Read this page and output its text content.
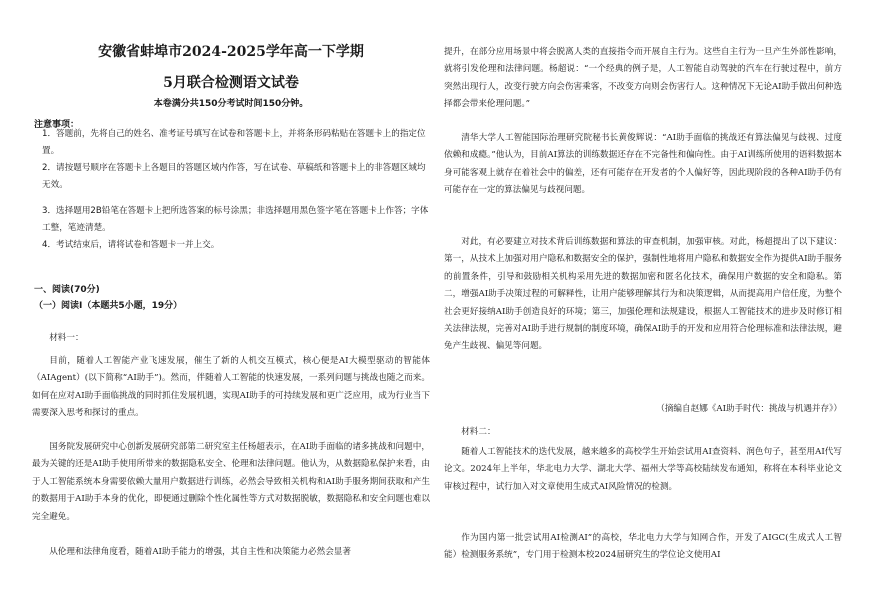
安徽省蚌埠市2024-2025学年高一下学期
5月联合检测语文试卷
本卷满分共150分考试时间150分钟。
注意事项：
1．答题前，先将自己的姓名、准考证号填写在试卷和答题卡上，并将条形码粘贴在答题卡上的指定位置。
2．请按题号顺序在答题卡上各题目的答题区域内作答，写在试卷、草稿纸和答题卡上的非答题区域均无效。
3．选择题用2B铅笔在答题卡上把所选答案的标号涂黑；非选择题用黑色签字笔在答题卡上作答；字体工整，笔迹清楚。
4．考试结束后，请将试卷和答题卡一并上交。
一、阅读(70分)
（一）阅读Ⅰ（本题共5小题，19分）
材料一：
目前，随着人工智能产业飞速发展，催生了新的人机交互模式，核心便是AI大模型驱动的智能体（AIAgent）(以下简称“AI助手”)。然而，伴随着人工智能的快速发展，一系列问题与挑战也随之而来。如何在应对AI助手面临挑战的同时抓住发展机遇，实现AI助手的可持续发展和更广泛应用，成为行业当下需要深入思考和探讨的重点。
国务院发展研究中心创新发展研究部第二研究室主任杨超表示，在AI助手面临的诸多挑战和问题中，最为关键的还是AI助手使用所带来的数据隐私安全、伦理和法律问题。他认为，从数据隐私保护来看，由于人工智能系统本身需要依赖大量用户数据进行训练，必然会导致相关机构和AI助手服务期间获取和产生的数据用于AI助手本身的优化，即便通过删除个性化属性等方式对数据脱敏，数据隐私和安全问题也难以完全避免。
从伦理和法律角度看，随着AI助手能力的增强，其自主性和决策能力必然会显著
提升，在部分应用场景中将会脱离人类的直接指令而开展自主行为。这些自主行为一旦产生外部性影响，就将引发伦理和法律问题。杨超说：“一个经典的例子是，人工智能自动驾驶的汽车在行驶过程中，前方突然出现行人，改变行驶方向会伤害乘客，不改变方向则会伤害行人。这种情况下无论AI助手做出何种选择都会带来伦理问题。”
清华大学人工智能国际治理研究院秘书长黄俊辉说：“AI助手面临的挑战还有算法偏见与歧视、过度依赖和成瘾。”他认为，目前AI算法的训练数据还存在不完备性和偏向性。由于AI训练所使用的语料数据本身可能客观上就存在着社会中的偏差，还有可能存在开发者的个人偏好等，因此现阶段的各种AI助手仍有可能存在一定的算法偏见与歧视问题。
对此，有必要建立对技术背后训练数据和算法的审查机制，加强审核。对此，杨超提出了以下建议：第一，从技术上加强对用户隐私和数据安全的保护，强制性地将用户隐私和数据安全作为提供AI助手服务的前置条件，引导和鼓励相关机构采用先进的数据加密和匿名化技术，确保用户数据的安全和隐私。第二，增强AI助手决策过程的可解释性，让用户能够理解其行为和决策逻辑，从而提高用户信任度，为整个社会更好接纳AI助手创造良好的环境；第三，加强伦理和法规建设，根据人工智能技术的进步及时修订相关法律法规，完善对AI助手进行规制的制度环境，确保AI助手的开发和应用符合伦理标准和法律法规，避免产生歧视、偏见等问题。
（摘编自赵娜《AI助手时代：挑战与机遇并存》）
材料二：
随着人工智能技术的迭代发展，越来越多的高校学生开始尝试用AI查资料、润色句子，甚至用AI代写论文。2024年上半年，华北电力大学、湖北大学、福州大学等高校陆续发布通知，称将在本科毕业论文审核过程中，试行加入对文章使用生成式AI风险情况的检测。
作为国内第一批尝试用AI检测AI”的高校，华北电力大学与知网合作，开发了AIGC(生成式人工智能）检测服务系统”，专门用于检测本校2024届研究生的学位论文使用AI
